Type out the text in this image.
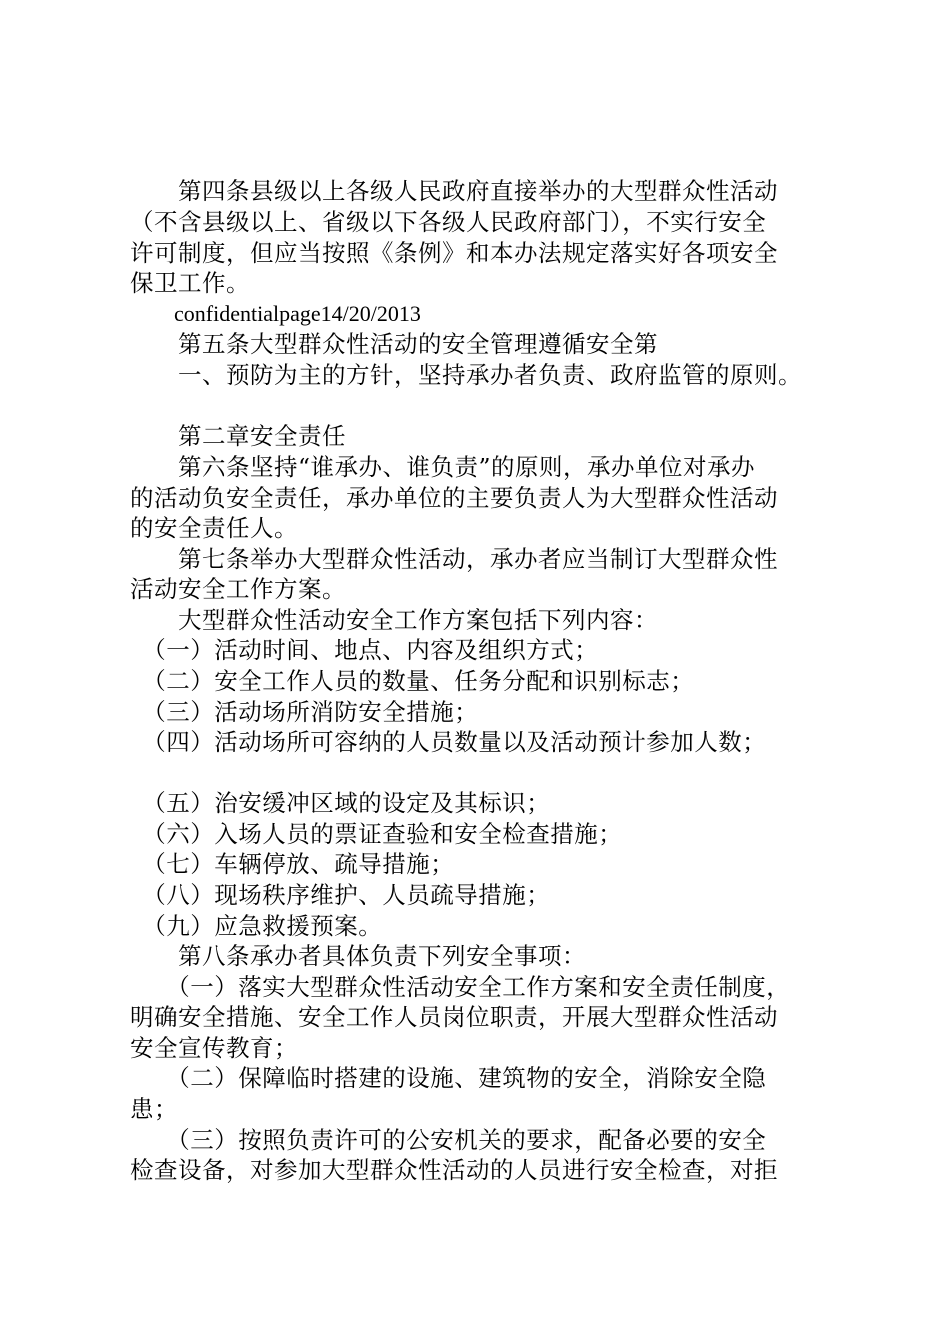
　　第四条县级以上各级人民政府直接举办的大型群众性活动
（不含县级以上、省级以下各级人民政府部门），不实行安全
许可制度，但应当按照《条例》和本办法规定落实好各项安全
保卫工作。
　　confidentialpage14/20/2013
　　第五条大型群众性活动的安全管理遵循安全第
　　一、预防为主的方针，坚持承办者负责、政府监管的原则。
　　第二章安全责任
　　第六条坚持“谁承办、谁负责”的原则，承办单位对承办
的活动负安全责任，承办单位的主要负责人为大型群众性活动
的安全责任人。
　　第七条举办大型群众性活动，承办者应当制订大型群众性
活动安全工作方案。
　　大型群众性活动安全工作方案包括下列内容：
　（一）活动时间、地点、内容及组织方式；
　（二）安全工作人员的数量、任务分配和识别标志；
　（三）活动场所消防安全措施；
　（四）活动场所可容纳的人员数量以及活动预计参加人数；
　（五）治安缓冲区域的设定及其标识；
　（六）入场人员的票证查验和安全检查措施；
　（七）车辆停放、疏导措施；
　（八）现场秩序维护、人员疏导措施；
　（九）应急救援预案。
　　第八条承办者具体负责下列安全事项：
　　（一）落实大型群众性活动安全工作方案和安全责任制度，
明确安全措施、安全工作人员岗位职责，开展大型群众性活动
安全宣传教育；
　　（二）保障临时搭建的设施、建筑物的安全，消除安全隐
患；
　　（三）按照负责许可的公安机关的要求，配备必要的安全
检查设备，对参加大型群众性活动的人员进行安全检查，对拒
